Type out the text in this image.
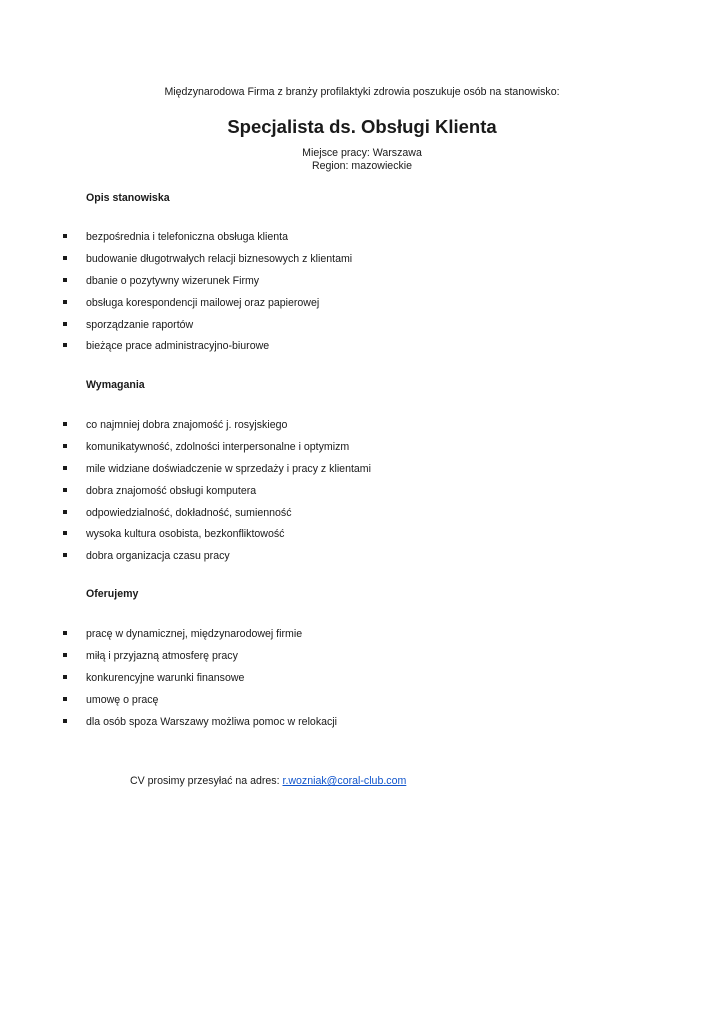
Międzynarodowa Firma z branży profilaktyki zdrowia poszukuje osób na stanowisko:
Specjalista ds. Obsługi Klienta
Miejsce pracy: Warszawa
Region: mazowieckie
Opis stanowiska
bezpośrednia i telefoniczna obsługa klienta
budowanie długotrwałych relacji biznesowych z klientami
dbanie o pozytywny wizerunek Firmy
obsługa korespondencji mailowej oraz papierowej
sporządzanie raportów
bieżące prace administracyjno-biurowe
Wymagania
co najmniej dobra znajomość j. rosyjskiego
komunikatywność, zdolności interpersonalne i optymizm
mile widziane doświadczenie w sprzedaży i pracy z klientami
dobra znajomość obsługi komputera
odpowiedzialność, dokładność, sumienność
wysoka kultura osobista, bezkonfliktowość
dobra organizacja czasu pracy
Oferujemy
pracę w dynamicznej, międzynarodowej firmie
miłą i przyjazną atmosferę pracy
konkurencyjne warunki finansowe
umowę o pracę
dla osób spoza Warszawy możliwa pomoc w relokacji
CV prosimy przesyłać na adres: r.wozniak@coral-club.com
